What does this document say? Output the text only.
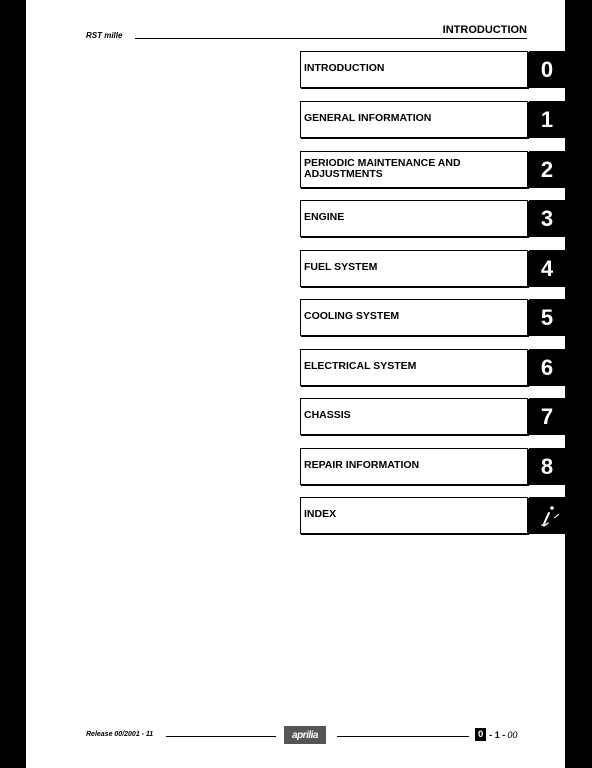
RST mille	INTRODUCTION
INTRODUCTION	0
GENERAL INFORMATION	1
PERIODIC MAINTENANCE AND
ADJUSTMENTS	2
ENGINE	3
FUEL SYSTEM	4
COOLING SYSTEM	5
ELECTRICAL SYSTEM	6
CHASSIS	7
REPAIR INFORMATION	8
INDEX
Release 00/2001 - 11	aprilia	0 - 1 - 00
